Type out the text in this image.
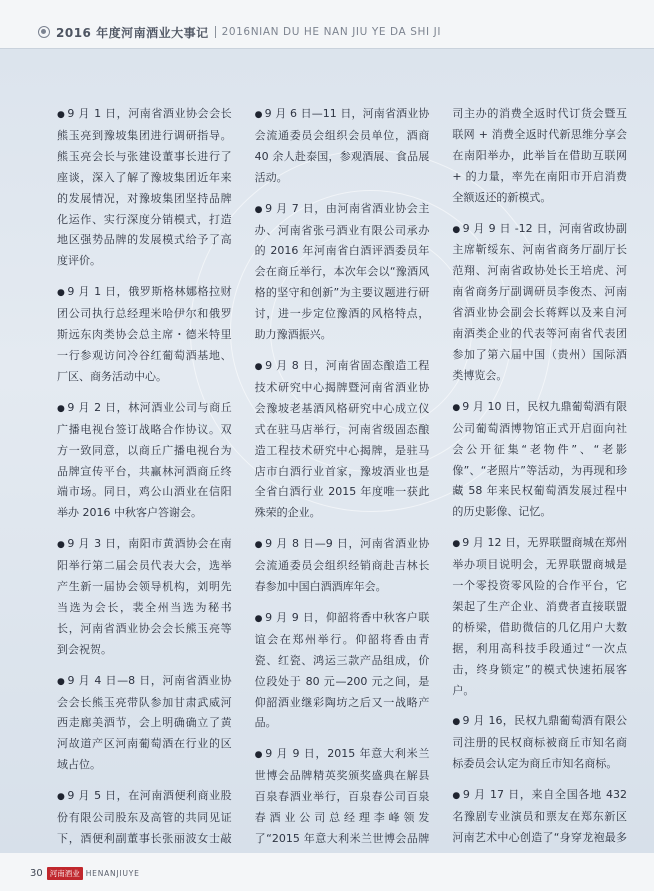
2016 年度河南酒业大事记 2016NIAN DU HE NAN JIU YE DA SHI JI

● 9 月 1 日，河南省酒业协会会长熊玉亮到豫坡集团进行调研指导。熊玉亮会长与张建设董事长进行了座谈，深入了解了豫坡集团近年来的发展情况，对豫坡集团坚持品牌化运作、实行深度分销模式，打造地区强势品牌的发展模式给予了高度评价。

● 9 月 1 日，俄罗斯格林娜格拉财团公司执行总经理米哈伊尔和俄罗斯远东肉类协会总主席・德米特里一行参观访问冷谷红葡萄酒基地、厂区、商务活动中心。

● 9 月 2 日，林河酒业公司与商丘广播电视台签订战略合作协议。双方一致同意，以商丘广播电视台为品牌宣传平台，共赢林河酒商丘终端市场。同日，鸡公山酒业在信阳举办 2016 中秋客户答谢会。

● 9 月 3 日，南阳市黄酒协会在南阳举行第二届会员代表大会，选举产生新一届协会领导机构，刘明先当选为会长，裴全州当选为秘书长，河南省酒业协会会长熊玉亮等到会祝贺。

● 9 月 4 日—8 日，河南省酒业协会会长熊玉亮带队参加甘肃武威河西走廊美酒节，会上明确确立了黄河故道产区河南葡萄酒在行业的区域占位。

● 9 月 5 日，在河南酒便利商业股份有限公司股东及高管的共同见证下，酒便利副董事长张丽波女士敲

● 9 月 6 日—11 日，河南省酒业协会流通委员会组织会员单位，酒商 40 余人赴泰国，参观酒展、食品展活动。

● 9 月 7 日，由河南省酒业协会主办、河南省张弓酒业有限公司承办的 2016 年河南省白酒评酒委员年会在商丘举行，本次年会以“豫酒风格的坚守和创新”为主要议题进行研讨，进一步定位豫酒的风格特点，助力豫酒振兴。

● 9 月 8 日，河南省固态酿造工程技术研究中心揭牌暨河南省酒业协会豫坡老基酒风格研究中心成立仪式在驻马店举行，河南省级固态酿造工程技术研究中心揭牌，是驻马店市白酒行业首家，豫坡酒业也是全省白酒行业 2015 年度唯一获此殊荣的企业。

● 9 月 8 日—9 日，河南省酒业协会流通委员会组织经销商赴吉林长春参加中国白酒酒库年会。

● 9 月 9 日，仰韶将香中秋客户联谊会在郑州举行。仰韶将香由青瓷、红瓷、鸿运三款产品组成，价位段处于 80 元—200 元之间，是仰韶酒业继彩陶坊之后又一战略产品。

● 9 月 9 日，2015 年意大利米兰世博会品牌精英奖颁奖盛典在解县百泉春酒业举行，百泉春公司百泉春酒业公司总经理李峰领发了“2015 年意大利米兰世博会品牌

司主办的消费全返时代订货会暨互联网 + 消费全返时代新思维分享会在南阳举办，此举旨在借助互联网 + 的力量，率先在南阳市开启消费全额返还的新模式。

● 9 月 9 日 -12 日，河南省政协副主席靳绥东、河南省商务厅副厅长范翔、河南省政协处长王培虎、河南省商务厅副调研员李俊杰、河南省酒业协会副会长蒋辉以及来自河南酒类企业的代表等河南省代表团参加了第六届中国（贵州）国际酒类博览会。

● 9 月 10 日，民权九鼎葡萄酒有限公司葡萄酒博物馆正式开启面向社会公开征集“老物件”、“老影像”、“老照片”等活动，为再现和珍藏 58 年来民权葡萄酒发展过程中的历史影像、记忆。

● 9 月 12 日，无界联盟商城在郑州举办项目说明会，无界联盟商城是一个零投资零风险的合作平台，它架起了生产企业、消费者直接联盟的桥梁，借助微信的几亿用户大数据，利用高科技手段通过“一次点击，终身锁定”的模式快速拓展客户。

● 9 月 16，民权九鼎葡萄酒有限公司注册的民权商标被商丘市知名商标委员会认定为商丘市知名商标。

● 9 月 17 日，来自全国各地 432 名豫剧专业演员和票友在郑东新区河南艺术中心创造了“身穿龙袍最多

30 河南酒业 HENANJIUYE
